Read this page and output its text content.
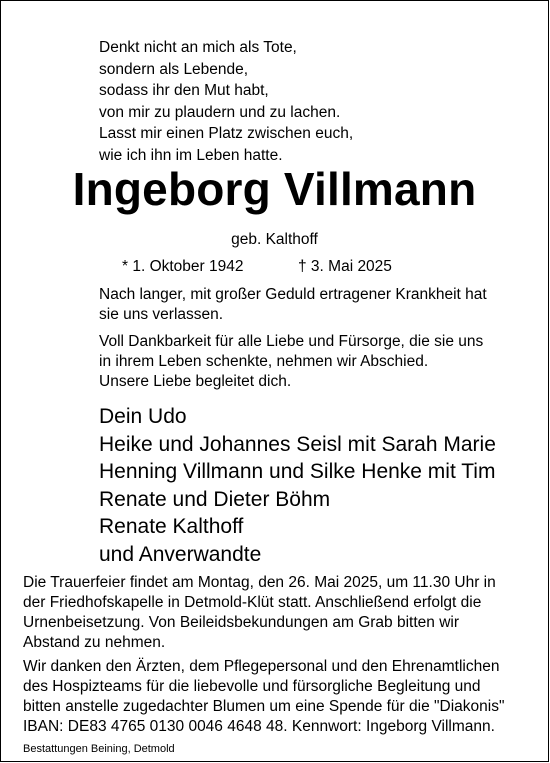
Denkt nicht an mich als Tote,
sondern als Lebende,
sodass ihr den Mut habt,
von mir zu plaudern und zu lachen.
Lasst mir einen Platz zwischen euch,
wie ich ihn im Leben hatte.
Ingeborg Villmann
geb. Kalthoff
* 1. Oktober 1942	† 3. Mai 2025
Nach langer, mit großer Geduld ertragener Krankheit hat
sie uns verlassen.
Voll Dankbarkeit für alle Liebe und Fürsorge, die sie uns
in ihrem Leben schenkte, nehmen wir Abschied.
Unsere Liebe begleitet dich.
Dein Udo
Heike und Johannes Seisl mit Sarah Marie
Henning Villmann und Silke Henke mit Tim
Renate und Dieter Böhm
Renate Kalthoff
und Anverwandte
Die Trauerfeier findet am Montag, den 26. Mai 2025, um 11.30 Uhr in
der Friedhofskapelle in Detmold-Klüt statt. Anschließend erfolgt die
Urnenbeisetzung. Von Beileidsbekundungen am Grab bitten wir
Abstand zu nehmen.
Wir danken den Ärzten, dem Pflegepersonal und den Ehrenamtlichen
des Hospizteams für die liebevolle und fürsorgliche Begleitung und
bitten anstelle zugedachter Blumen um eine Spende für die "Diakonis"
IBAN: DE83 4765 0130 0046 4648 48. Kennwort: Ingeborg Villmann.
Bestattungen Beining, Detmold
